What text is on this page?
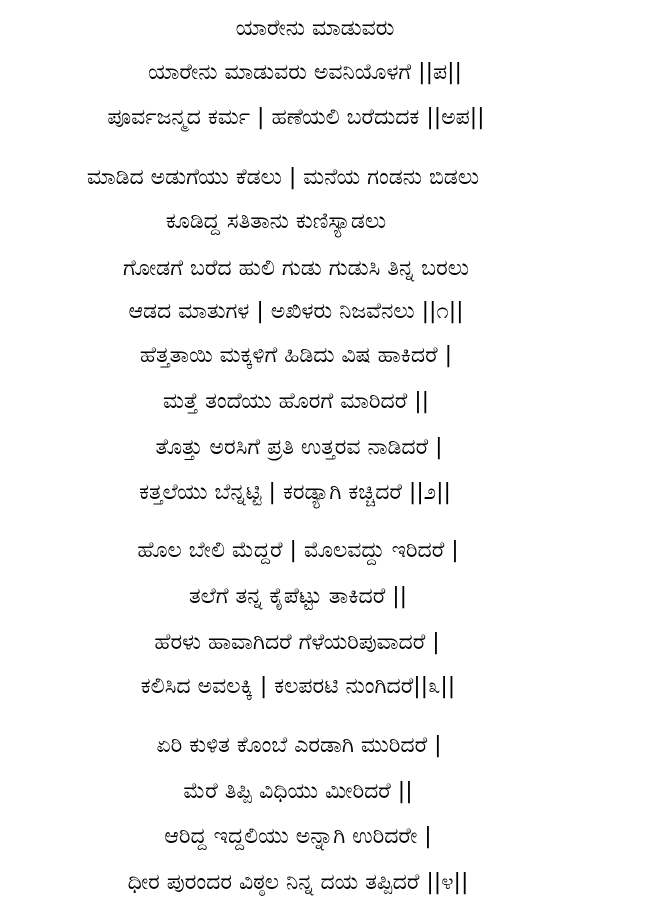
ಯಾರೇನು ಮಾಡುವರು
ಯಾರೇನು ಮಾಡುವರು ಅವನಿಯೊಳಗೆ ||ಪ||
ಪೂರ್ವಜನ್ಮದ ಕರ್ಮ | ಹಣೆಯಲಿ ಬರೆದುದಕ ||ಅಪ||
ಮಾಡಿದ ಅಡುಗೆಯು ಕೆಡಲು | ಮನೆಯ ಗಂಡನು ಬಿಡಲು
ಕೂಡಿದ್ದ ಸತಿತಾನು ಕುಣಿಸ್ಯಾಡಲು
ಗೋಡಗೆ ಬರೆದ ಹುಲಿ ಗುಡು ಗುಡುಸಿ ತಿನ್ನ ಬರಲು
ಆಡದ ಮಾತುಗಳ | ಅಖಿಳರು ನಿಜವೆನಲು ||೧||
ಹೆತ್ತತಾಯಿ ಮಕ್ಕಳಿಗೆ ಹಿಡಿದು ವಿಷ ಹಾಕಿದರೆ |
ಮತ್ತೆ ತಂದೆಯು ಹೊರಗೆ ಮಾರಿದರೆ ||
ತೊತ್ತು ಅರಸಿಗೆ ಪ್ರತಿ ಉತ್ತರವ ನಾಡಿದರೆ |
ಕತ್ತಲೆಯು ಬೆನ್ನಟ್ಟಿ | ಕರಡ್ಯಾಗಿ ಕಚ್ಚಿದರೆ ||೨||
ಹೊಲ ಬೇಲಿ ಮೆದ್ದರೆ | ಮೊಲವದ್ದು ಇರಿದರೆ |
ತಲೆಗೆ ತನ್ನ ಕೈಪೆಟ್ಟು ತಾಕಿದರೆ ||
ಹೆರಳು ಹಾವಾಗಿದರೆ ಗೆಳೆಯರಿಪುವಾದರೆ |
ಕಲಿಸಿದ ಅವಲಕ್ಕಿ | ಕಲಪರಟಿ ನುಂಗಿದರೆ||೩||
ಏರಿ ಕುಳಿತ ಕೊಂಬೆ ಎರಡಾಗಿ ಮುರಿದರೆ |
ಮೆರೆ ತಿಪ್ಪಿ ವಿಧಿಯು ಮೀರಿದರೆ ||
ಆರಿದ್ದ ಇದ್ದಲಿಯು ಅನ್ನಾಗಿ ಉರಿದರೇ |
ಧೀರ ಪುರಂದರ ವಿಠ್ಠಲ ನಿನ್ನ ದಯ ತಪ್ಪಿದರೆ ||೪||
